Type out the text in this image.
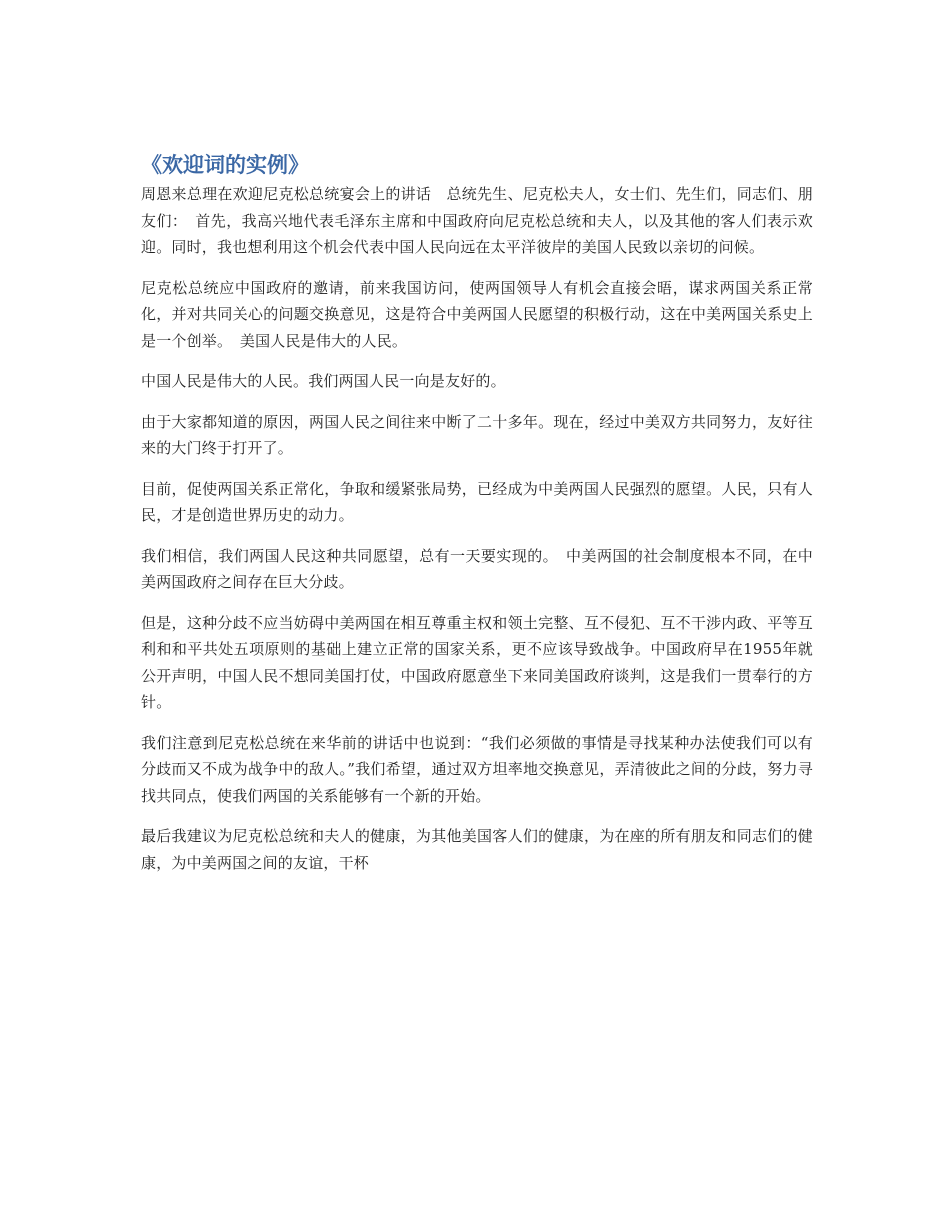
《欢迎词的实例》

周恩来总理在欢迎尼克松总统宴会上的讲话　总统先生、尼克松夫人，女士们、先生们，同志们、朋友们：　首先，我高兴地代表毛泽东主席和中国政府向尼克松总统和夫人，以及其他的客人们表示欢迎。同时，我也想利用这个机会代表中国人民向远在太平洋彼岸的美国人民致以亲切的问候。

尼克松总统应中国政府的邀请，前来我国访问，使两国领导人有机会直接会晤，谋求两国关系正常化，并对共同关心的问题交换意见，这是符合中美两国人民愿望的积极行动，这在中美两国关系史上是一个创举。　美国人民是伟大的人民。

中国人民是伟大的人民。我们两国人民一向是友好的。

由于大家都知道的原因，两国人民之间往来中断了二十多年。现在，经过中美双方共同努力，友好往来的大门终于打开了。

目前，促使两国关系正常化，争取和缓紧张局势，已经成为中美两国人民强烈的愿望。人民，只有人民，才是创造世界历史的动力。

我们相信，我们两国人民这种共同愿望，总有一天要实现的。　中美两国的社会制度根本不同，在中美两国政府之间存在巨大分歧。

但是，这种分歧不应当妨碍中美两国在相互尊重主权和领土完整、互不侵犯、互不干涉内政、平等互利和和平共处五项原则的基础上建立正常的国家关系，更不应该导致战争。中国政府早在1955年就公开声明，中国人民不想同美国打仗，中国政府愿意坐下来同美国政府谈判，这是我们一贯奉行的方针。

我们注意到尼克松总统在来华前的讲话中也说到：“我们必须做的事情是寻找某种办法使我们可以有分歧而又不成为战争中的敌人。”我们希望，通过双方坦率地交换意见，弄清彼此之间的分歧，努力寻找共同点，使我们两国的关系能够有一个新的开始。

最后我建议为尼克松总统和夫人的健康，为其他美国客人们的健康，为在座的所有朋友和同志们的健康，为中美两国之间的友谊，干杯
